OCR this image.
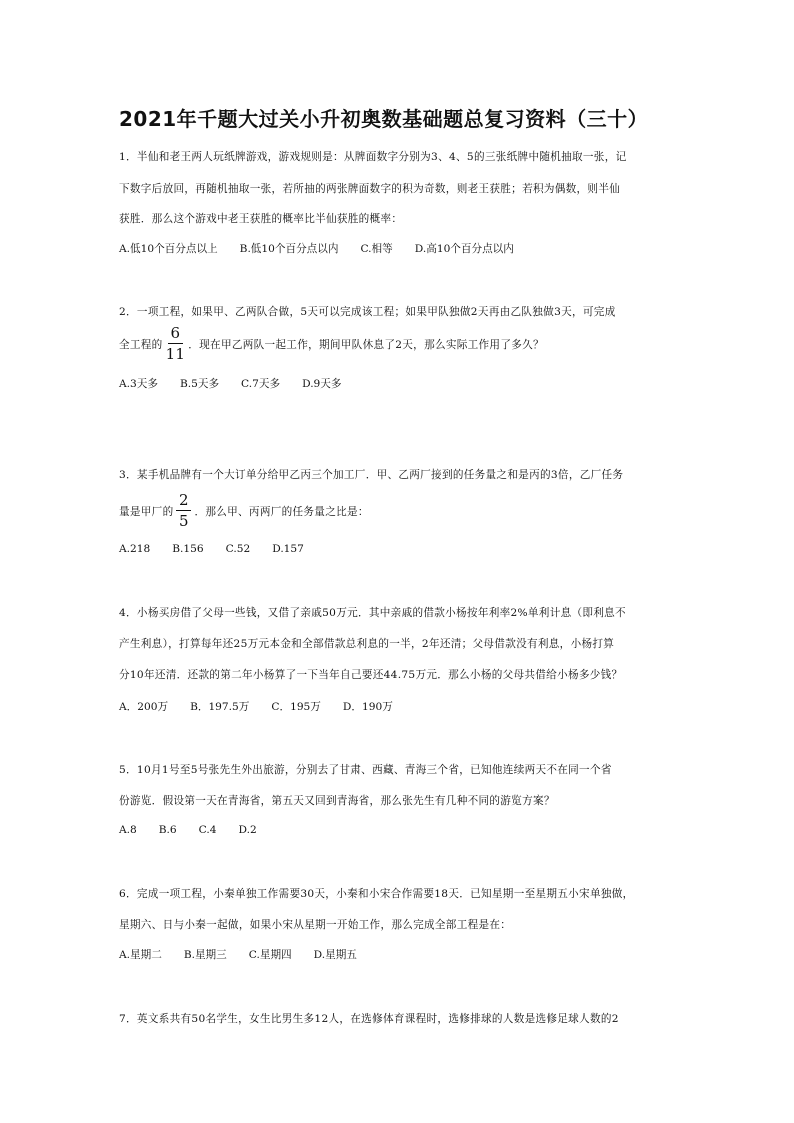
2021年千题大过关小升初奥数基础题总复习资料（三十）
1．半仙和老王两人玩纸牌游戏，游戏规则是：从牌面数字分别为3、4、5的三张纸牌中随机抽取一张，记
下数字后放回，再随机抽取一张，若所抽的两张牌面数字的积为奇数，则老王获胜；若积为偶数，则半仙
获胜．那么这个游戏中老王获胜的概率比半仙获胜的概率：
A.低10个百分点以上 B.低10个百分点以内 C.相等 D.高10个百分点以内
2．一项工程，如果甲、乙两队合做，5天可以完成该工程；如果甲队独做2天再由乙队独做3天，可完成
全工程的 $\frac{6}{11}$ ．现在甲乙两队一起工作，期间甲队休息了2天，那么实际工作用了多久？
A.3天多 B.5天多 C.7天多 D.9天多
3．某手机品牌有一个大订单分给甲乙丙三个加工厂．甲、乙两厂接到的任务量之和是丙的3倍，乙厂任务
量是甲厂的 $\frac{2}{5}$ ．那么甲、丙两厂的任务量之比是：
A.218 B.156 C.52 D.157
4．小杨买房借了父母一些钱，又借了亲戚50万元．其中亲戚的借款小杨按年利率2%单利计息（即利息不
产生利息），打算每年还25万元本金和全部借款总利息的一半，2年还清；父母借款没有利息，小杨打算
分10年还清．还款的第二年小杨算了一下当年自己要还44.75万元．那么小杨的父母共借给小杨多少钱？
A．200万 B．197.5万 C．195万 D．190万
5．10月1号至5号张先生外出旅游，分别去了甘肃、西藏、青海三个省，已知他连续两天不在同一个省
份游览．假设第一天在青海省，第五天又回到青海省，那么张先生有几种不同的游览方案？
A.8 B.6 C.4 D.2
6．完成一项工程，小秦单独工作需要30天，小秦和小宋合作需要18天．已知星期一至星期五小宋单独做，
星期六、日与小秦一起做，如果小宋从星期一开始工作，那么完成全部工程是在：
A.星期二 B.星期三 C.星期四 D.星期五
7．英文系共有50名学生，女生比男生多12人，在选修体育课程时，选修排球的人数是选修足球人数的2
